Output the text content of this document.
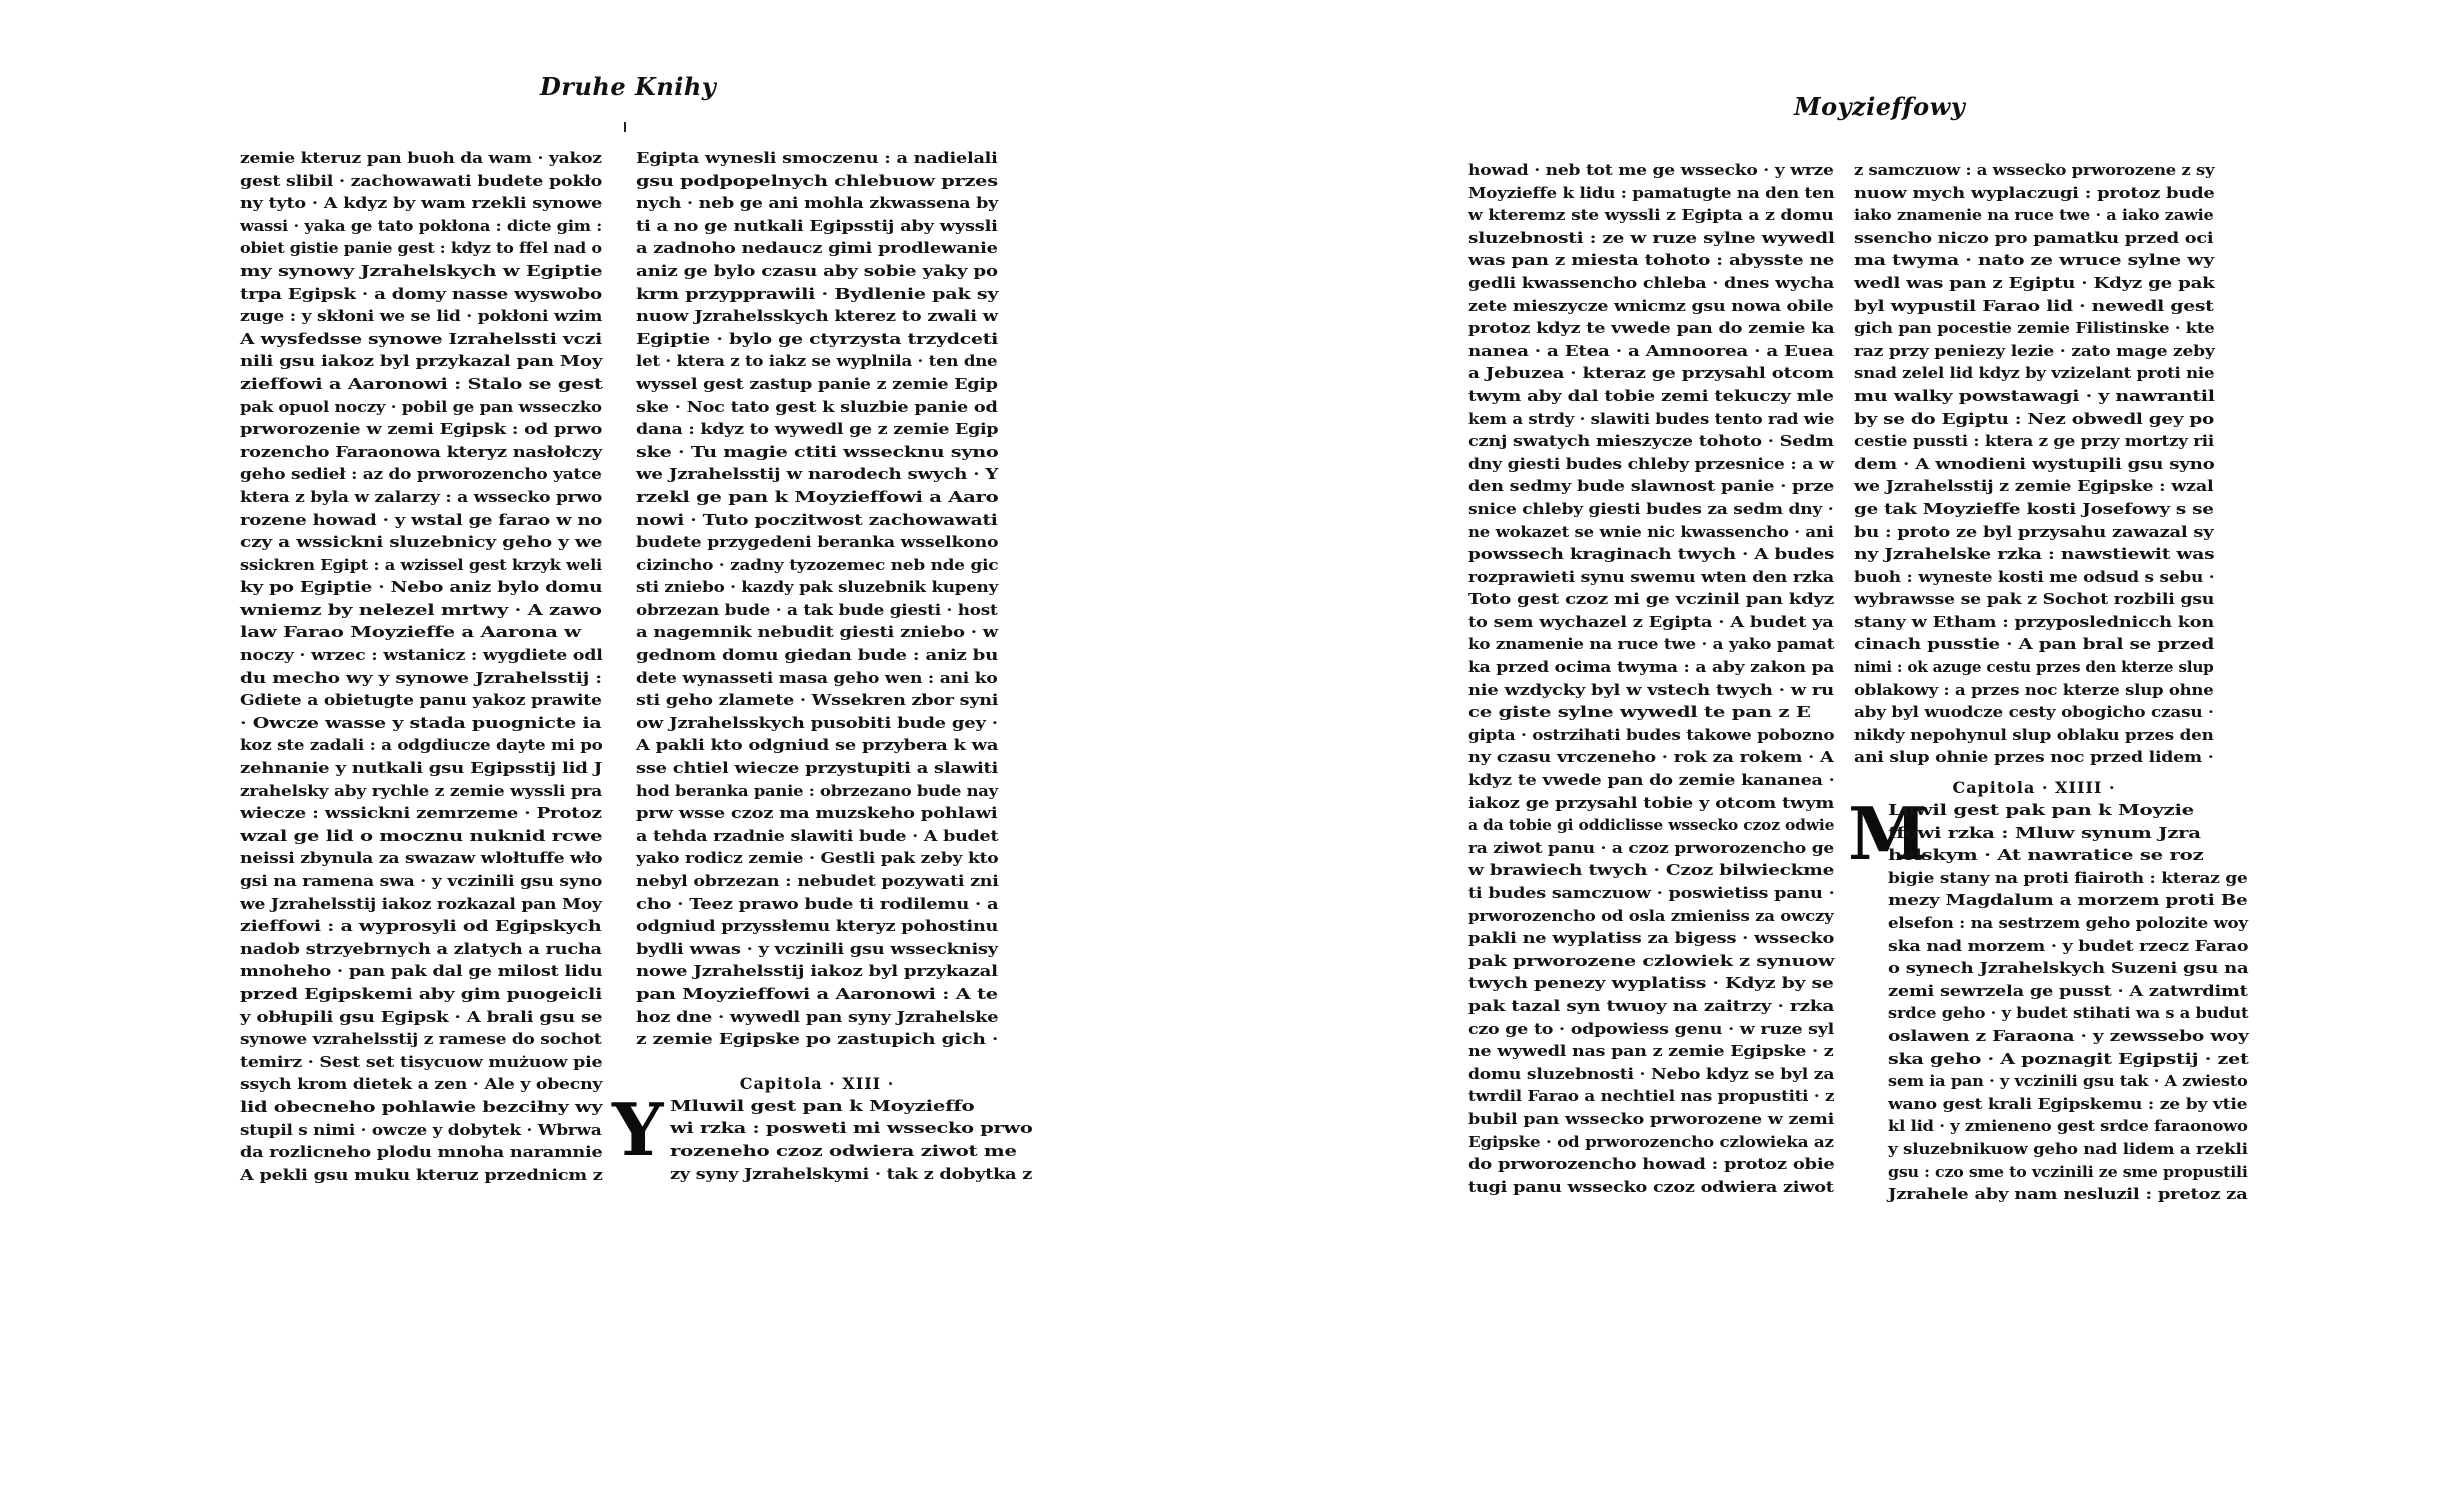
Druhe Knihy
zemie kteruz pan buoh da wam · yakoz
gest slibil · zachowawati budete pokło
ny tyto · A kdyz by wam rzekli synowe
wassi · yaka ge tato pokłona : dicte gim :
obiet gistie panie gest : kdyz to ffel nad o
my synowy Jzrahelskych w Egiptie
trpa Egipsk · a domy nasse wyswobo
zuge : y skłoni we se lid · pokłoni wzim
A wysfedsse synowe Izrahelssti vczi
nili gsu iakoz byl przykazal pan Moy
zieffowi a Aaronowi : Stalo se gest
pak opuol noczy · pobil ge pan wsseczko
prworozenie w zemi Egipsk : od prwo
rozencho Faraonowa kteryz nasłołczy
geho sedieł : az do prworozencho yatce
ktera z byla w zalarzy : a wssecko prwo
rozene howad · y wstal ge farao w no
czy a wssickni sluzebnicy geho y we
ssickren Egipt : a wzissel gest krzyk weli
ky po Egiptie · Nebo aniz bylo domu
wniemz by nelezel mrtwy · A zawo
law Farao Moyzieffe a Aarona w
noczy · wrzec : wstanicz : wygdiete odl
du mecho wy y synowe Jzrahelsstij :
Gdiete a obietugte panu yakoz prawite
· Owcze wasse y stada puognicte ia
koz ste zadali : a odgdiucze dayte mi po
zehnanie y nutkali gsu Egipsstij lid J
zrahelsky aby rychle z zemie wyssli pra
wiecze : wssickni zemrzeme · Protoz
wzal ge lid o mocznu nuknid rcwe
neissi zbynula za swazaw wlołtuffe wło
gsi na ramena swa · y vczinili gsu syno
we Jzrahelsstij iakoz rozkazal pan Moy
zieffowi : a wyprosyli od Egipskych
nadob strzyebrnych a zlatych a rucha
mnoheho · pan pak dal ge milost lidu
przed Egipskemi aby gim puogeicli
y obłupili gsu Egipsk · A brali gsu se
synowe vzrahelsstij z ramese do sochot
temirz · Sest set tisycuow mużuow pie
ssych krom dietek a zen · Ale y obecny
lid obecneho pohlawie bezciłny wy
stupil s nimi · owcze y dobytek · Wbrwa
da rozlicneho plodu mnoha naramnie
A pekli gsu muku kteruz przednicm z
Egipta wynesli smoczenu : a nadielali
gsu podpopelnych chlebuow przes
nych · neb ge ani mohla zkwassena by
ti a no ge nutkali Egipsstij aby wyssli
a zadnoho nedaucz gimi prodlewanie
aniz ge bylo czasu aby sobie yaky po
krm przypprawili · Bydlenie pak sy
nuow Jzrahelsskych kterez to zwali w
Egiptie · bylo ge ctyrzysta trzydceti
let · ktera z to iakz se wyplnila · ten dne
wyssel gest zastup panie z zemie Egip
ske · Noc tato gest k sluzbie panie od
dana : kdyz to wywedl ge z zemie Egip
ske · Tu magie ctiti wssecknu syno
we Jzrahelsstij w narodech swych · Y
rzekl ge pan k Moyzieffowi a Aaro
nowi · Tuto poczitwost zachowawati
budete przygedeni beranka wsselkono
cizincho · zadny tyzozemec neb nde gic
sti zniebo · kazdy pak sluzebnik kupeny
obrzezan bude · a tak bude giesti · host
a nagemnik nebudit giesti zniebo · w
gednom domu giedan bude : aniz bu
dete wynasseti masa geho wen : ani ko
sti geho zlamete · Wssekren zbor syni
ow Jzrahelsskych pusobiti bude gey ·
A pakli kto odgniud se przybera k wa
sse chtiel wiecze przystupiti a slawiti
hod beranka panie : obrzezano bude nay
prw wsse czoz ma muzskeho pohlawi
a tehda rzadnie slawiti bude · A budet
yako rodicz zemie · Gestli pak zeby kto
nebyl obrzezan : nebudet pozywati zni
cho · Teez prawo bude ti rodilemu · a
odgniud przyssłemu kteryz pohostinu
bydli wwas · y vczinili gsu wssecknisy
nowe Jzrahelsstij iakoz byl przykazal
pan Moyzieffowi a Aaronowi : A te
hoz dne · wywedl pan syny Jzrahelske
z zemie Egipske po zastupich gich ·
Capitola · XIII ·
Y Mluwil gest pan k Moyzieffo
wi rzka : posweti mi wssecko prwo
rozeneho czoz odwiera ziwot me
zy syny Jzrahelskymi · tak z dobytka z
Moyzieffowy
howad · neb tot me ge wssecko · y wrze
Moyzieffe k lidu : pamatugte na den ten
w kteremz ste wyssli z Egipta a z domu
sluzebnosti : ze w ruze sylne wywedl
was pan z miesta tohoto : abysste ne
gedli kwassencho chleba · dnes wycha
zete mieszycze wnicmz gsu nowa obile
protoz kdyz te vwede pan do zemie ka
nanea · a Etea · a Amnoorea · a Euea
a Jebuzea · kteraz ge przysahl otcom
twym aby dal tobie zemi tekuczy mle
kem a strdy · slawiti budes tento rad wie
cznj swatych mieszycze tohoto · Sedm
dny giesti budes chleby przesnice : a w
den sedmy bude slawnost panie · prze
snice chleby giesti budes za sedm dny ·
ne wokazet se wnie nic kwassencho · ani
powssech kraginach twych · A budes
rozprawieti synu swemu wten den rzka
Toto gest czoz mi ge vczinil pan kdyz
to sem wychazel z Egipta · A budet ya
ko znamenie na ruce twe · a yako pamat
ka przed ocima twyma : a aby zakon pa
nie wzdycky byl w vstech twych · w ru
ce giste sylne wywedl te pan z E
gipta · ostrzihati budes takowe pobozno
ny czasu vrczeneho · rok za rokem · A
kdyz te vwede pan do zemie kananea ·
iakoz ge przysahl tobie y otcom twym
a da tobie gi oddiclisse wssecko czoz odwie
ra ziwot panu · a czoz prworozencho ge
w brawiech twych · Czoz bilwieckme
ti budes samczuow · poswietiss panu ·
prworozencho od osla zmieniss za owczy
pakli ne wyplatiss za bigess · wssecko
pak prworozene czlowiek z synuow
twych penezy wyplatiss · Kdyz by se
pak tazal syn twuoy na zaitrzy · rzka
czo ge to · odpowiess genu · w ruze syl
ne wywedl nas pan z zemie Egipske · z
domu sluzebnosti · Nebo kdyz se byl za
twrdil Farao a nechtiel nas propustiti · z
bubil pan wssecko prworozene w zemi
Egipske · od prworozencho czlowieka az
do prworozencho howad : protoz obie
tugi panu wssecko czoz odwiera ziwot
z samczuow : a wssecko prworozene z sy
nuow mych wyplaczugi : protoz bude
iako znamenie na ruce twe · a iako zawie
ssencho niczo pro pamatku przed oci
ma twyma · nato ze wruce sylne wy
wedl was pan z Egiptu · Kdyz ge pak
byl wypustil Farao lid · newedl gest
gich pan pocestie zemie Filistinske · kte
raz przy peniezy lezie · zato mage zeby
snad zelel lid kdyz by vzizelant proti nie
mu walky powstawagi · y nawrantil
by se do Egiptu : Nez obwedl gey po
cestie pussti : ktera z ge przy mortzy rii
dem · A wnodieni wystupili gsu syno
we Jzrahelsstij z zemie Egipske : wzal
ge tak Moyzieffe kosti Josefowy s se
bu : proto ze byl przysahu zawazal sy
ny Jzrahelske rzka : nawstiewit was
buoh : wyneste kosti me odsud s sebu ·
wybrawsse se pak z Sochot rozbili gsu
stany w Etham : przyposlednicch kon
cinach pusstie · A pan bral se przed
nimi : ok azuge cestu przes den kterze slup
oblakowy : a przes noc kterze slup ohne
aby byl wuodcze cesty obogicho czasu ·
nikdy nepohynul slup oblaku przes den
ani slup ohnie przes noc przed lidem ·
Capitola · XIIII ·
M
Luwil gest pak pan k Moyzie
ffowi rzka : Mluw synum Jzra
helskym · At nawratice se roz
bigie stany na proti fiairoth : kteraz ge
mezy Magdalum a morzem proti Be
elsefon : na sestrzem geho polozite woy
ska nad morzem · y budet rzecz Farao
o synech Jzrahelskych Suzeni gsu na
zemi sewrzela ge pusst · A zatwrdimt
srdce geho · y budet stihati wa s a budut
oslawen z Faraona · y zewssebo woy
ska geho · A poznagit Egipstij · zet
sem ia pan · y vczinili gsu tak · A zwiesto
wano gest krali Egipskemu : ze by vtie
kl lid · y zmieneno gest srdce faraonowo
y sluzebnikuow geho nad lidem a rzekli
gsu : czo sme to vczinili ze sme propustili
Jzrahele aby nam nesluzil : pretoz za
